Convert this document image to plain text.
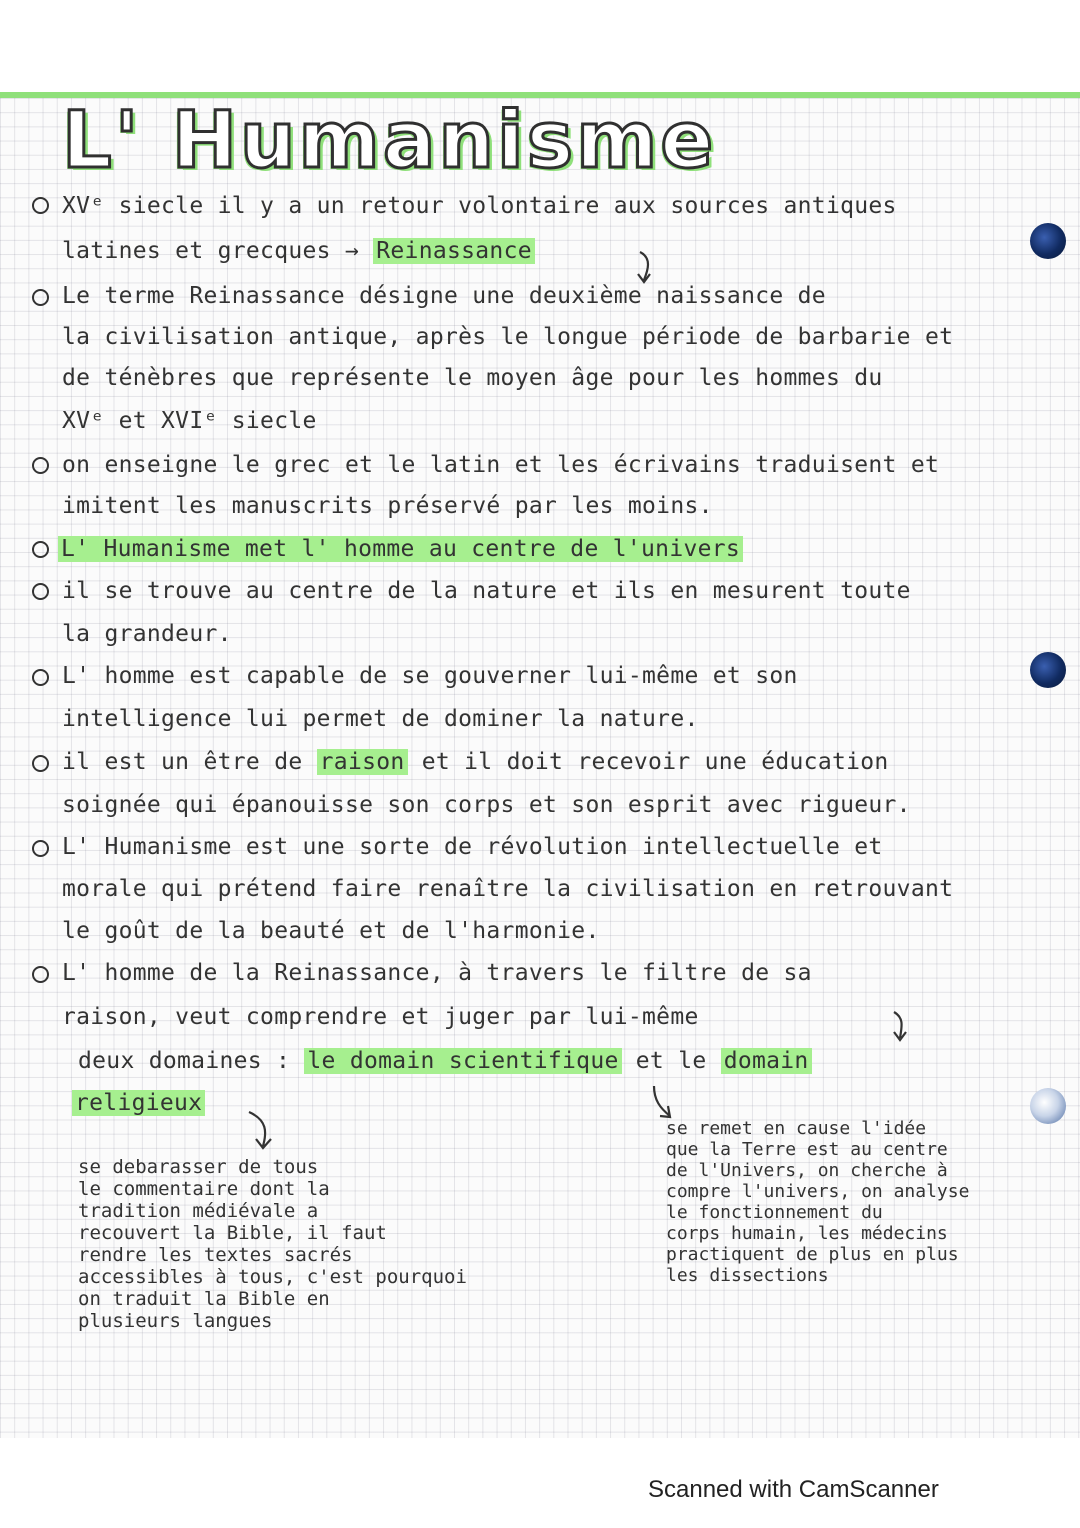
L' Humanisme

XVᵉ siecle il y a un retour volontaire aux sources antiques

latines et grecques → Reinassance

Le terme Reinassance désigne une deuxième naissance de

la civilisation antique, après le longue période de barbarie et

de ténèbres que représente le moyen âge pour les hommes du

XVᵉ et XVIᵉ siecle

on enseigne le grec et le latin et les écrivains traduisent et

imitent les manuscrits préservé par les moins.

L' Humanisme met l' homme au centre de l'univers

il se trouve au centre de la nature et ils en mesurent toute

la grandeur.

L' homme est capable de se gouverner lui-même et son

intelligence lui permet de dominer la nature.

il est un être de raison et il doit recevoir une éducation

soignée qui épanouisse son corps et son esprit avec rigueur.

L' Humanisme est une sorte de révolution intellectuelle et

morale qui prétend faire renaître la civilisation en retrouvant

le goût de la beauté et de l'harmonie.

L' homme de la Reinassance, à travers le filtre de sa

raison, veut comprendre et juger par lui-même

deux domaines : le domain scientifique et le domain

religieux

se debarasser de tous
le commentaire dont la
tradition médiévale a
recouvert la Bible, il faut
rendre les textes sacrés
accessibles à tous, c'est pourquoi
on traduit la Bible en
plusieurs langues
se remet en cause l'idée
que la Terre est au centre
de l'Univers, on cherche à
compre l'univers, on analyse
le fonctionnement du
corps humain, les médecins
practiquent de plus en plus
les dissections
Scanned with CamScanner
